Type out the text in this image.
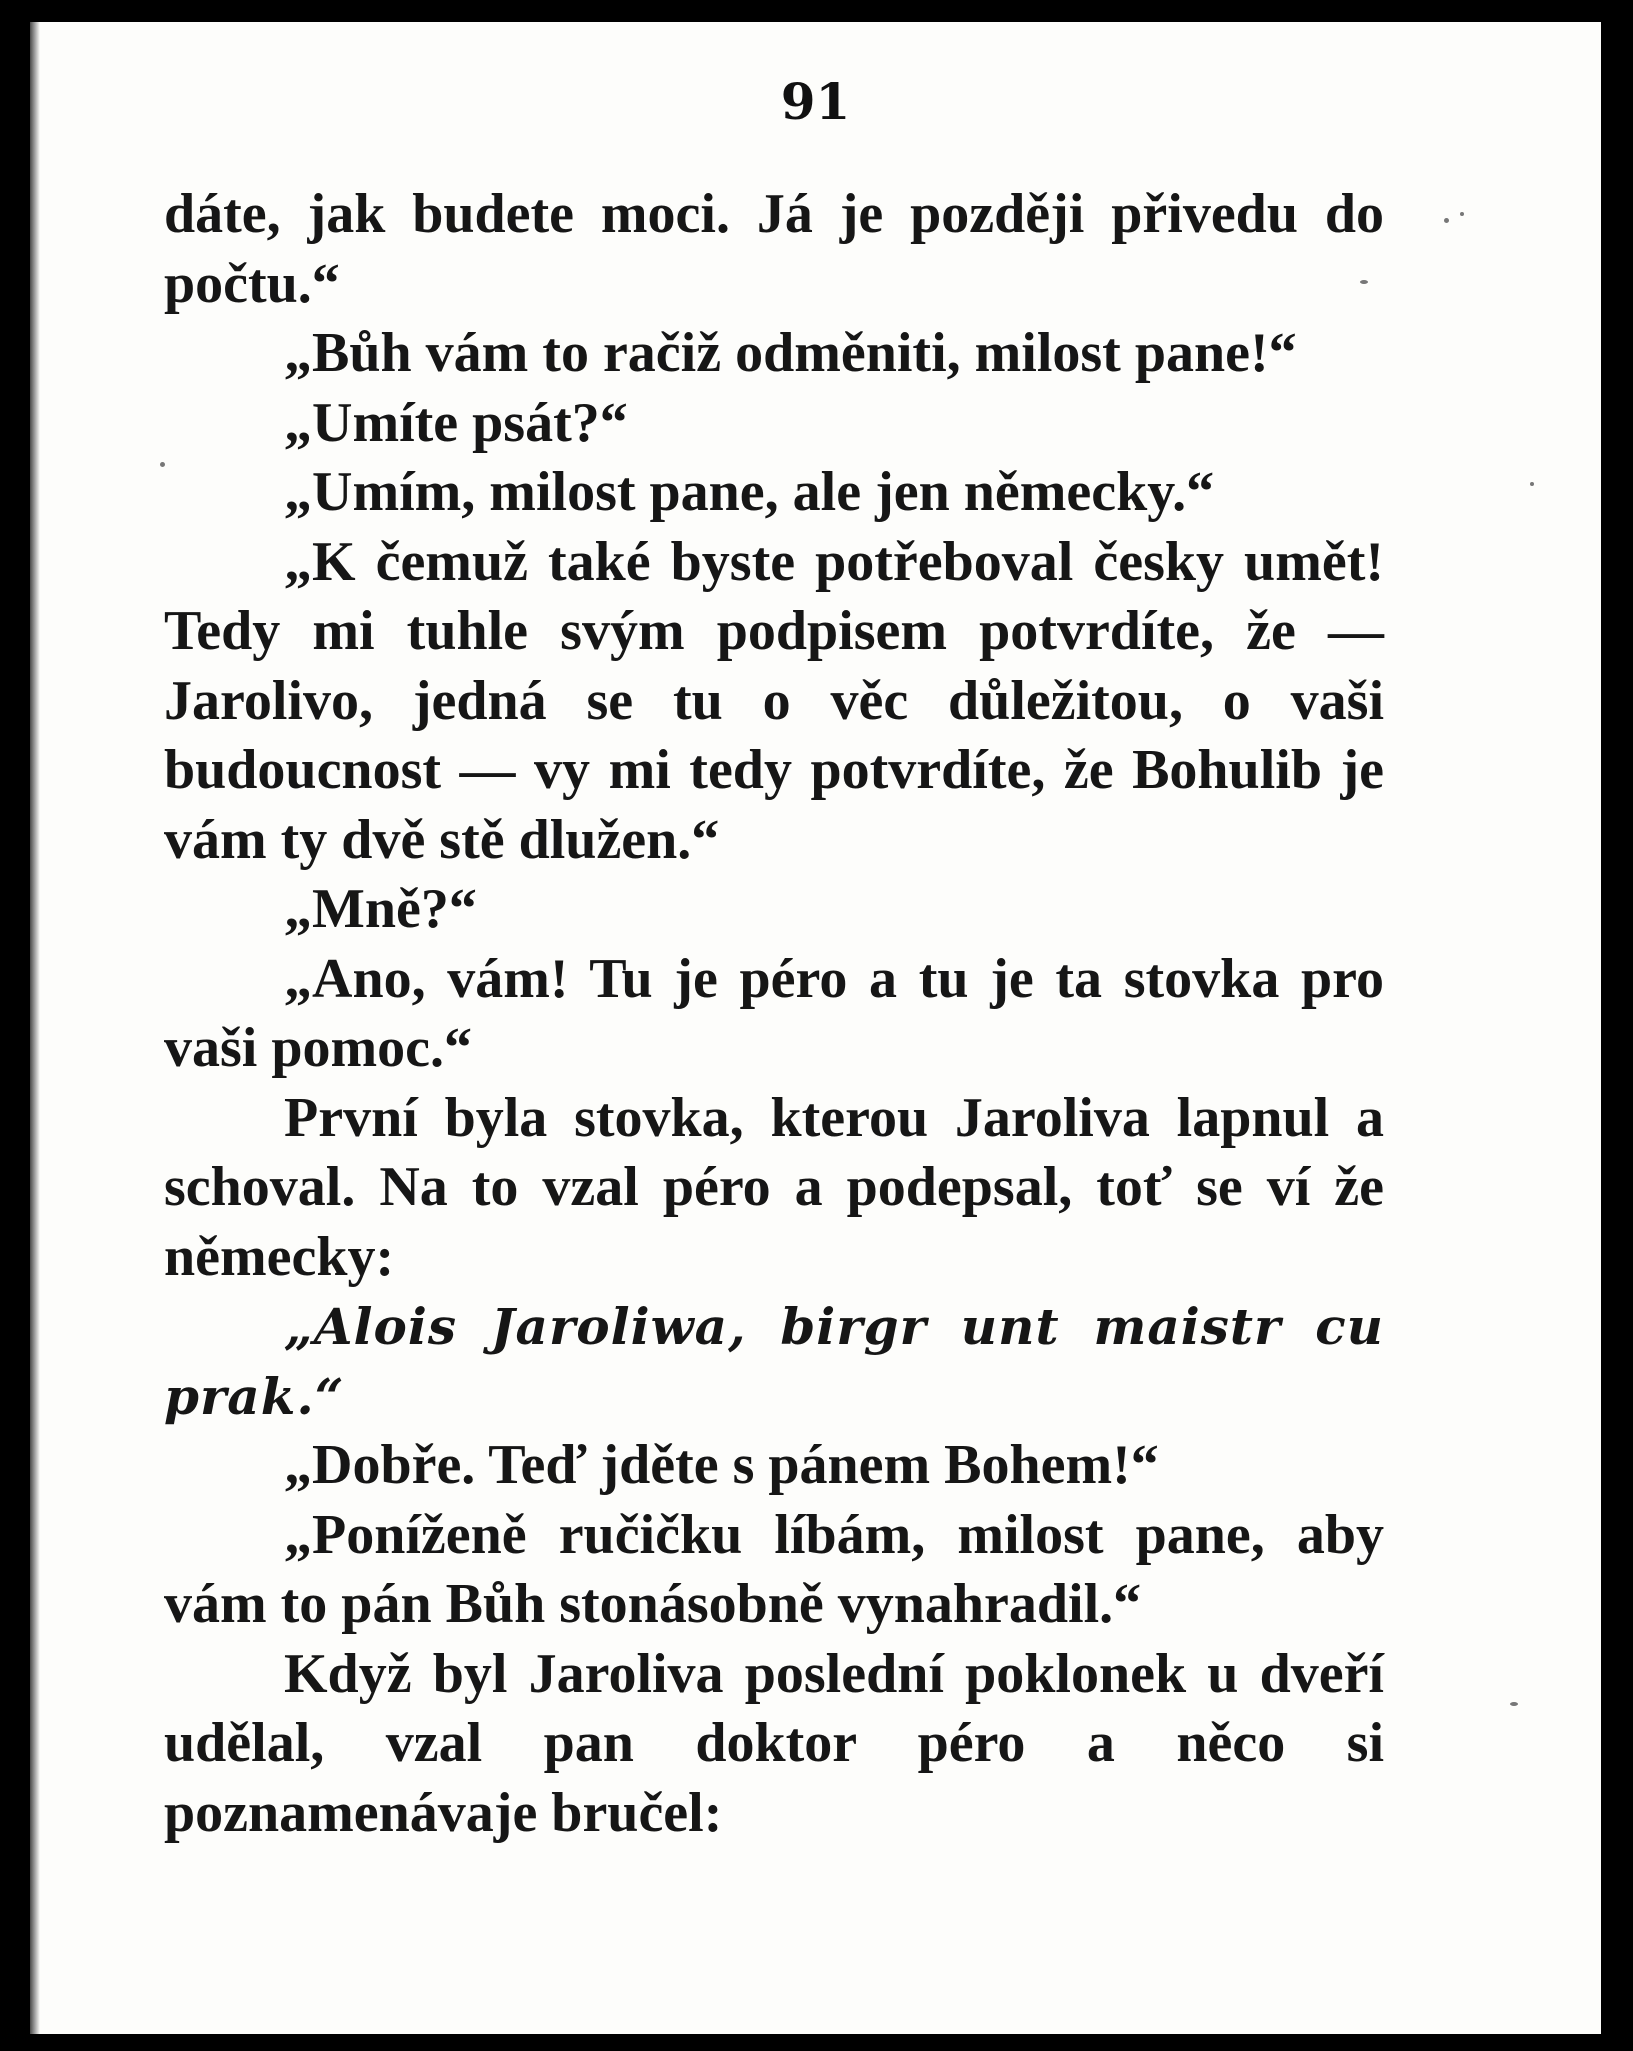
91

dáte, jak budete moci. Já je později přivedu do počtu.“

„Bůh vám to račiž odměniti, milost pane!“

„Umíte psát?“

„Umím, milost pane, ale jen německy.“

„K čemuž také byste potřeboval česky umět! Tedy mi tuhle svým podpisem potvrdíte, že — Jarolivo, jedná se tu o věc důležitou, o vaši budoucnost — vy mi tedy potvrdíte, že Bohulib je vám ty dvě stě dlužen.“

„Mně?“

„Ano, vám! Tu je péro a tu je ta stovka pro vaši pomoc.“

První byla stovka, kterou Jaroliva lapnul a schoval. Na to vzal péro a podepsal, toť se ví že německy:

„Alois Jaroliwa, birgr unt maistr cu prak.“

„Dobře. Teď jděte s pánem Bohem!“

„Poníženě ručičku líbám, milost pane, aby vám to pán Bůh stonásobně vynahradil.“

Když byl Jaroliva poslední poklonek u dveří udělal, vzal pan doktor péro a něco si poznamenávaje bručel:
